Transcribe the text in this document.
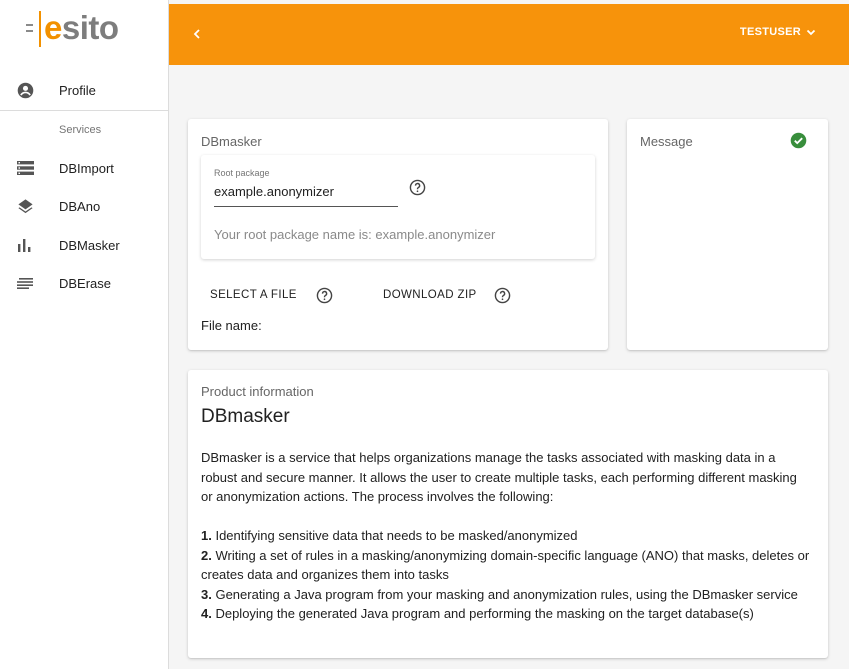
esito
Profile
Services
DBImport
DBAno
DBMasker
DBErase
TESTUSER
DBmasker
Root package
example.anonymizer
Your root package name is: example.anonymizer
SELECT A FILE	DOWNLOAD ZIP
File name:
Message
Product information
DBmasker

DBmasker is a service that helps organizations manage the tasks associated with masking data in a robust and secure manner. It allows the user to create multiple tasks, each performing different masking or anonymization actions. The process involves the following:

1. Identifying sensitive data that needs to be masked/anonymized
2. Writing a set of rules in a masking/anonymizing domain-specific language (ANO) that masks, deletes or creates data and organizes them into tasks
3. Generating a Java program from your masking and anonymization rules, using the DBmasker service
4. Deploying the generated Java program and performing the masking on the target database(s)
